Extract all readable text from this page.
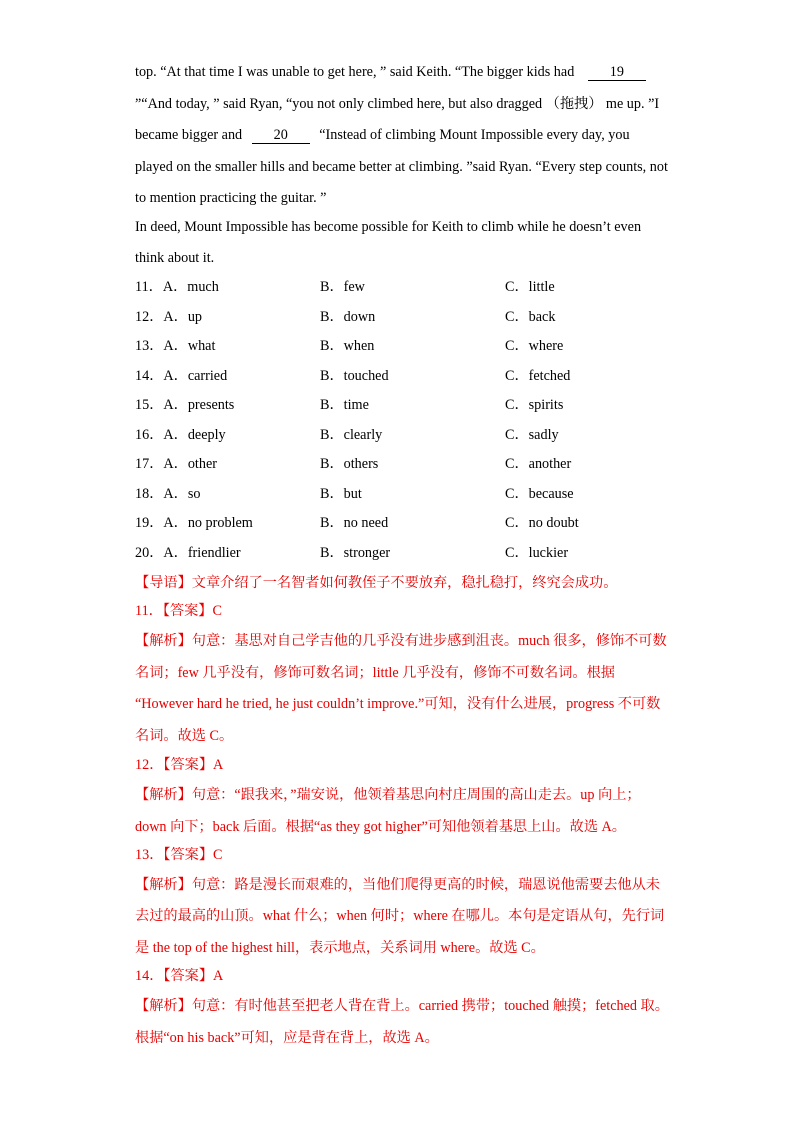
top. “At that time I was unable to get here, ” said Keith. “The bigger kids had 19
”“And today, ” said Ryan, “you not only climbed here, but also dragged （拖拽） me up. ”I
became bigger and 20 “Instead of climbing Mount Impossible every day, you
played on the smaller hills and became better at climbing. ”said Ryan. “Every step counts, not
to mention practicing the guitar. ”
In deed, Mount Impossible has become possible for Keith to climb while he doesn’t even
think about it.
11．A．much	B．few	C．little
12．A．up	B．down	C．back
13．A．what	B．when	C．where
14．A．carried	B．touched	C．fetched
15．A．presents	B．time	C．spirits
16．A．deeply	B．clearly	C．sadly
17．A．other	B．others	C．another
18．A．so	B．but	C．because
19．A．no problem	B．no need	C．no doubt
20．A．friendlier	B．stronger	C．luckier
【导语】文章介绍了一名智者如何教侄子不要放弃，稳扎稳打，终究会成功。
11．【答案】C
【解析】句意：基思对自己学吉他的几乎没有进步感到沮丧。much 很多，修饰不可数
名词；few 几乎没有，修饰可数名词；little 几乎没有，修饰不可数名词。根据
“However hard he tried, he just couldn’t improve.”可知，没有什么进展，progress 不可数
名词。故选 C。
12．【答案】A
【解析】句意：“跟我来，”瑞安说，他领着基思向村庄周围的高山走去。up 向上；
down 向下；back 后面。根据“as they got higher”可知他领着基思上山。故选 A。
13．【答案】C
【解析】句意：路是漫长而艰难的，当他们爬得更高的时候，瑞恩说他需要去他从未
去过的最高的山顶。what 什么；when 何时；where 在哪儿。本句是定语从句，先行词
是 the top of the highest hill，表示地点，关系词用 where。故选 C。
14．【答案】A
【解析】句意：有时他甚至把老人背在背上。carried 携带；touched 触摸；fetched 取。
根据“on his back”可知，应是背在背上，故选 A。
